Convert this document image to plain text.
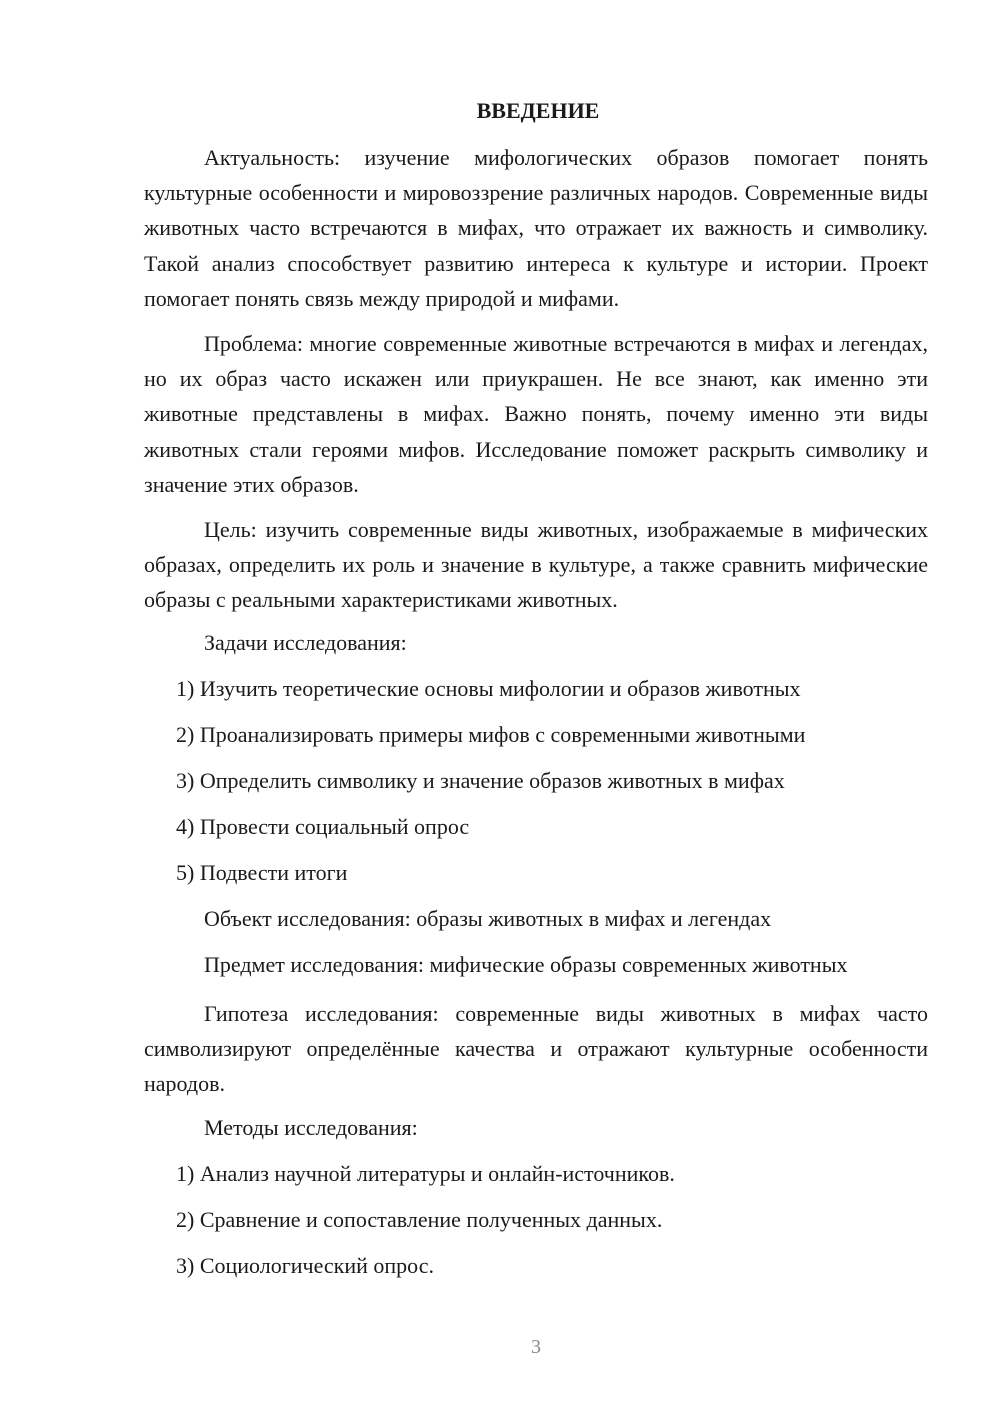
ВВЕДЕНИЕ

Актуальность: изучение мифологических образов помогает понять культурные особенности и мировоззрение различных народов. Современные виды животных часто встречаются в мифах, что отражает их важность и символику. Такой анализ способствует развитию интереса к культуре и истории. Проект помогает понять связь между природой и мифами.

Проблема: многие современные животные встречаются в мифах и легендах, но их образ часто искажен или приукрашен. Не все знают, как именно эти животные представлены в мифах. Важно понять, почему именно эти виды животных стали героями мифов. Исследование поможет раскрыть символику и значение этих образов.

Цель: изучить современные виды животных, изображаемые в мифических образах, определить их роль и значение в культуре, а также сравнить мифические образы с реальными характеристиками животных.

Задачи исследования:
1) Изучить теоретические основы мифологии и образов животных
2) Проанализировать примеры мифов с современными животными
3) Определить символику и значение образов животных в мифах
4) Провести социальный опрос
5) Подвести итоги
Объект исследования: образы животных в мифах и легендах
Предмет исследования: мифические образы современных животных

Гипотеза исследования: современные виды животных в мифах часто символизируют определённые качества и отражают культурные особенности народов.

Методы исследования:
1) Анализ научной литературы и онлайн-источников.
2) Сравнение и сопоставление полученных данных.
3) Социологический опрос.
3
